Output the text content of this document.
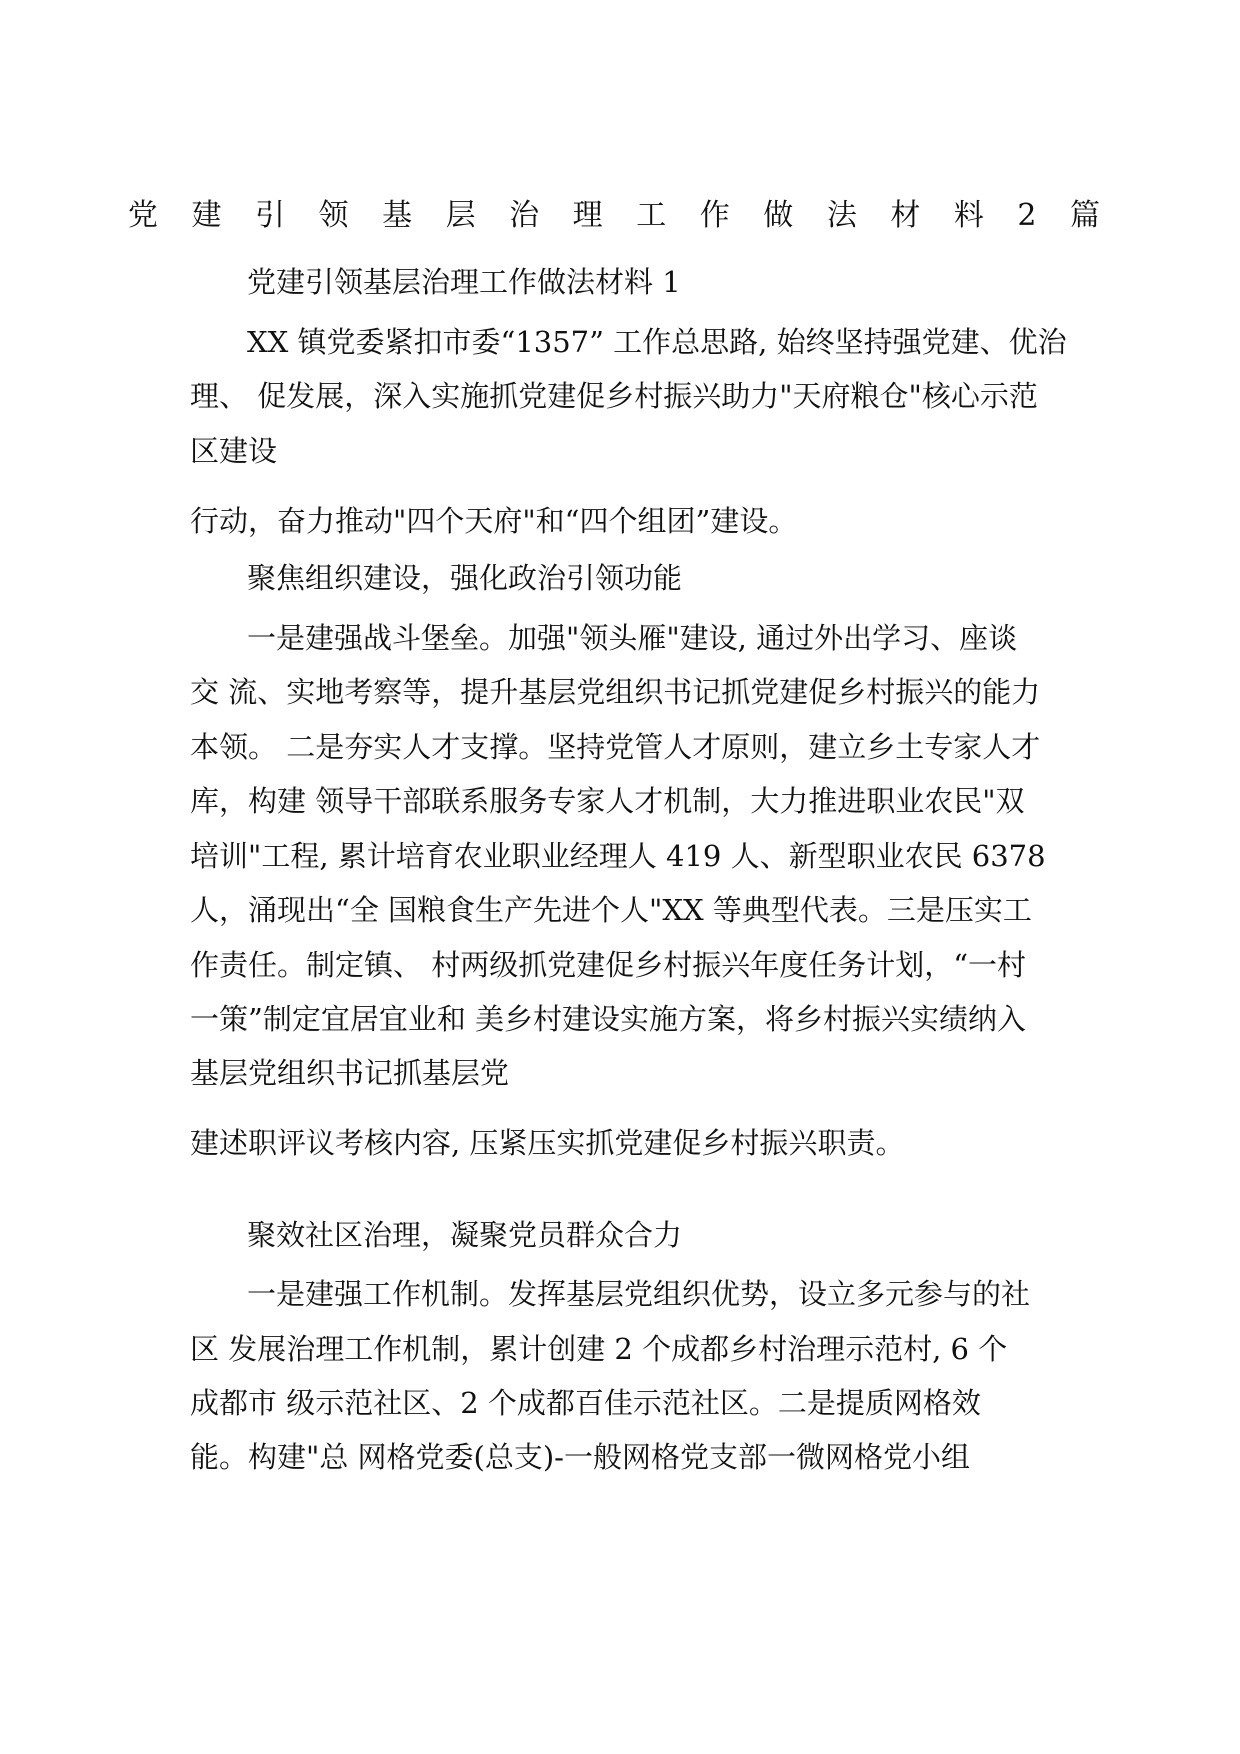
党 建 引 领 基 层 治 理 工 作 做 法 材 料 2 篇
党建引领基层治理工作做法材料 1
XX 镇党委紧扣市委“1357” 工作总思路, 始终坚持强党建、优治
理、 促发展，深入实施抓党建促乡村振兴助力"天府粮仓"核心示范
区建设
行动，奋力推动"四个天府"和“四个组团”建设。
聚焦组织建设，强化政治引领功能
一是建强战斗堡垒。加强"领头雁"建设, 通过外出学习、座谈
交 流、实地考察等，提升基层党组织书记抓党建促乡村振兴的能力
本领。 二是夯实人才支撑。坚持党管人才原则，建立乡土专家人才
库，构建 领导干部联系服务专家人才机制，大力推进职业农民"双
培训"工程, 累计培育农业职业经理人 419 人、新型职业农民 6378
人，涌现出“全 国粮食生产先进个人"XX 等典型代表。三是压实工
作责任。制定镇、 村两级抓党建促乡村振兴年度任务计划，“一村
一策”制定宜居宜业和 美乡村建设实施方案，将乡村振兴实绩纳入
基层党组织书记抓基层党
建述职评议考核内容, 压紧压实抓党建促乡村振兴职责。
聚效社区治理，凝聚党员群众合力
一是建强工作机制。发挥基层党组织优势，设立多元参与的社
区 发展治理工作机制，累计创建 2 个成都乡村治理示范村, 6 个
成都市 级示范社区、2 个成都百佳示范社区。二是提质网格效
能。构建"总 网格党委(总支)-一般网格党支部一微网格党小组
